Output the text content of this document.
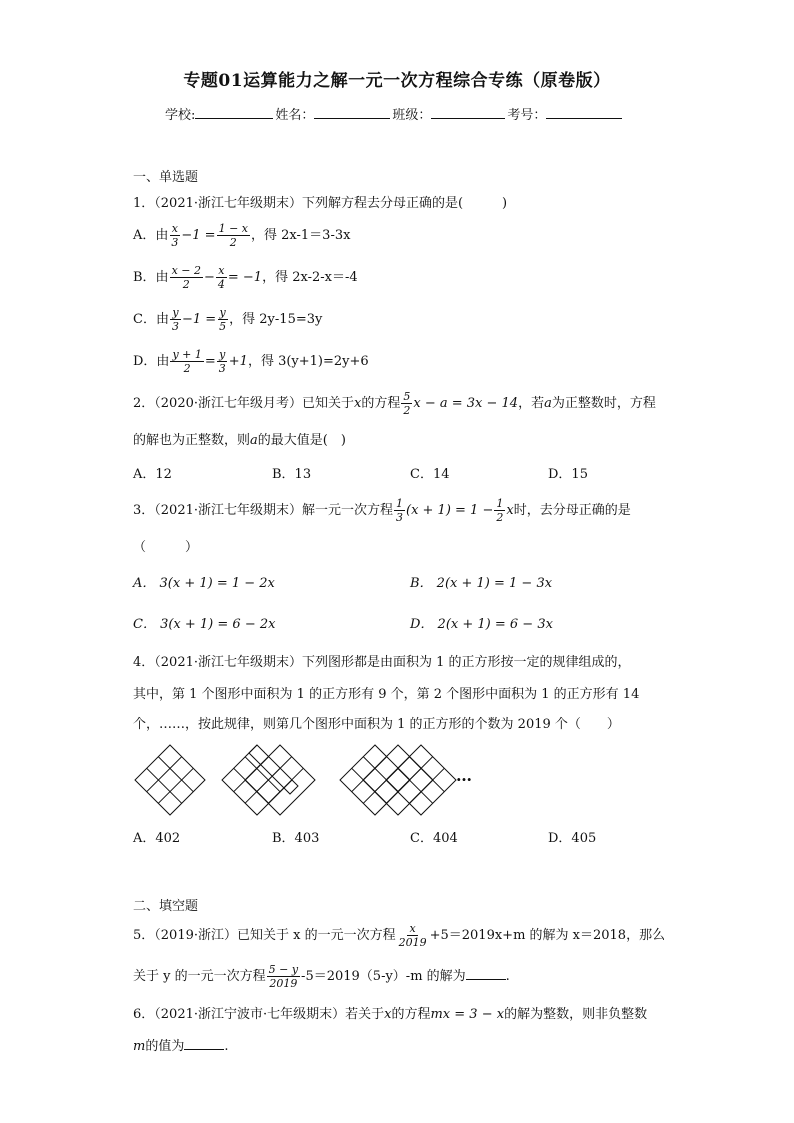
专题01运算能力之解一元一次方程综合专练（原卷版）
学校:	姓名：	班级：	考号：
一、单选题
1．（2021·浙江七年级期末）下列解方程去分母正确的是(　　　)
A．由 $\frac{x}{3} -1 = \frac{1 - x}{2}$ ，得 2x-1＝3-3x
B．由 $\frac{x - 2}{2} - \frac{x}{4} = -1$，得 2x-2-x＝-4
C．由 $\frac{y}{3} -1 = \frac{y}{5}$ ，得 2y-15=3y
D．由 $\frac{y + 1}{2} = \frac{y}{3} +1$，得 3(y+1)=2y+6
2．（2020·浙江七年级月考）已知关于x的方程 $\frac{5}{2}$ x − a = 3x − 14，若a为正整数时，方程
的解也为正整数，则a的最大值是(　)
A．12	B．13	C．14	D．15
3．（2021·浙江七年级期末）解一元一次方程 $\frac{1}{3} (x + 1) = 1 - \frac{1}{2}$ x时，去分母正确的是
（　　　）
A． 3(x + 1) = 1 − 2x	B． 2(x + 1) = 1 − 3x
C． 3(x + 1) = 6 − 2x	D． 2(x + 1) = 6 − 3x
4．（2021·浙江七年级期末）下列图形都是由面积为 1 的正方形按一定的规律组成的，
其中，第 1 个图形中面积为 1 的正方形有 9 个，第 2 个图形中面积为 1 的正方形有 14
个，……，按此规律，则第几个图形中面积为 1 的正方形的个数为 2019 个（　　）
…
A．402	B．403	C．404	D．405
二、填空题
5．（2019·浙江）已知关于 x 的一元一次方程 $\frac{x}{2019} +5=2019x+m$ 的解为 x＝2018，那么
关于 y 的一元一次方程 $\frac{5 - y}{2019} -5=2019(5-y)-m$ 的解为	.
6．（2021·浙江宁波市·七年级期末）若关于x的方程mx = 3 − x的解为整数，则非负整数
m的值为	.
